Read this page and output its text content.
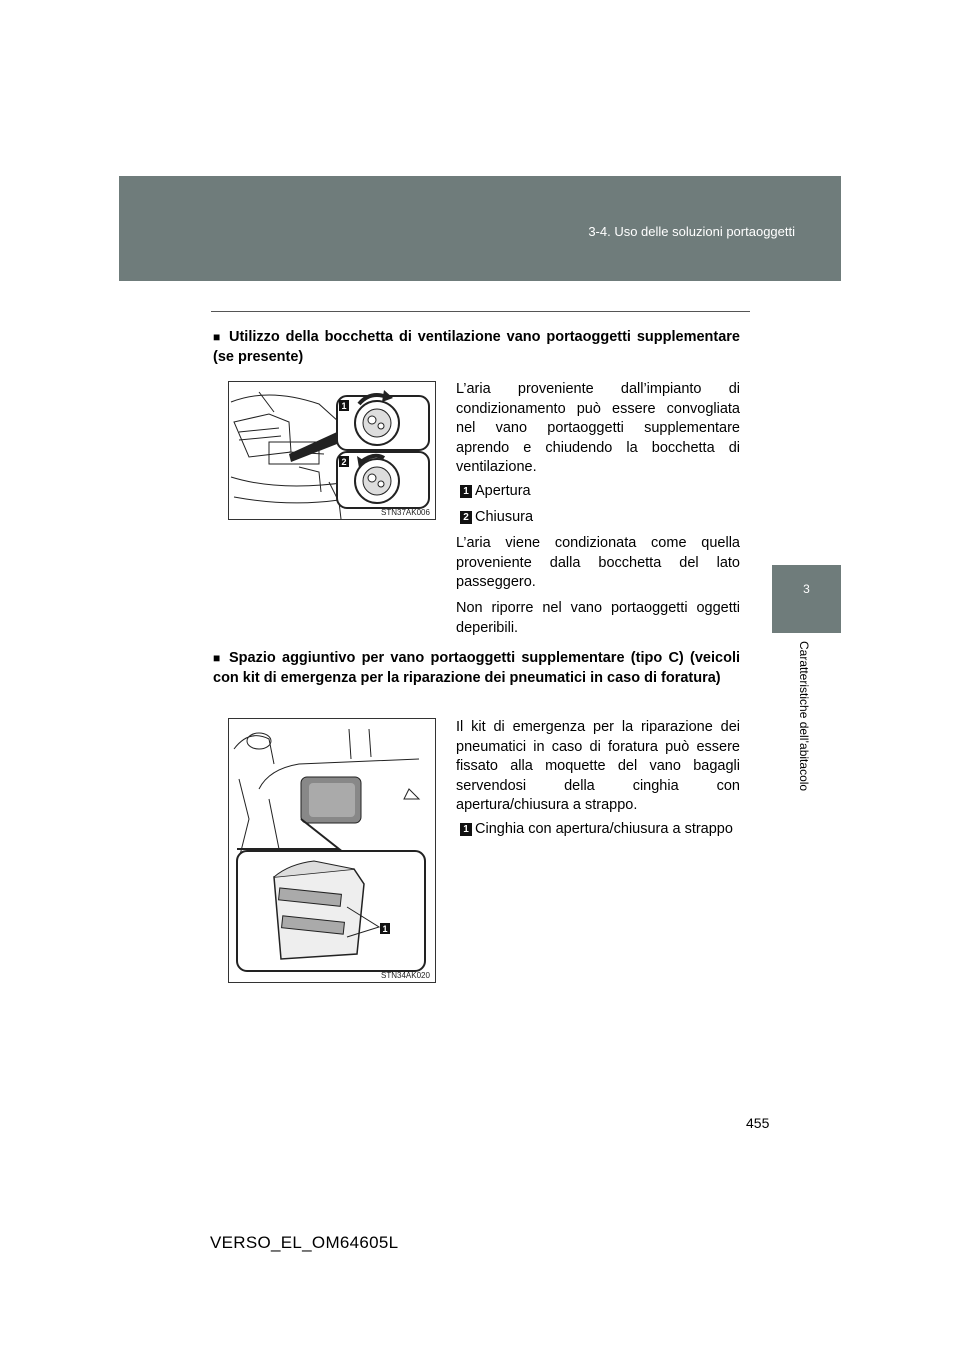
3-4. Uso delle soluzioni portaoggetti
3
Caratteristiche dell’abitacolo
■ Utilizzo della bocchetta di ventilazione vano portaoggetti supplementare (se presente)
1
2
STN37AK006

L’aria proveniente dall’impianto di condizionamento può essere convogliata nel vano portaoggetti supplementare aprendo e chiudendo la bocchetta di ventilazione.

1 Apertura
2 Chiusura

L’aria viene condizionata come quella proveniente dalla bocchetta del lato passeggero.

Non riporre nel vano portaoggetti oggetti deperibili.

■ Spazio aggiuntivo per vano portaoggetti supplementare (tipo C) (veicoli con kit di emergenza per la riparazione dei pneumatici in caso di foratura)
1
STN34AK020

Il kit di emergenza per la riparazione dei pneumatici in caso di foratura può essere fissato alla moquette del vano bagagli servendosi della cinghia con apertura/chiusura a strappo.

1 Cinghia con apertura/chiusura a strappo
455
VERSO_EL_OM64605L
